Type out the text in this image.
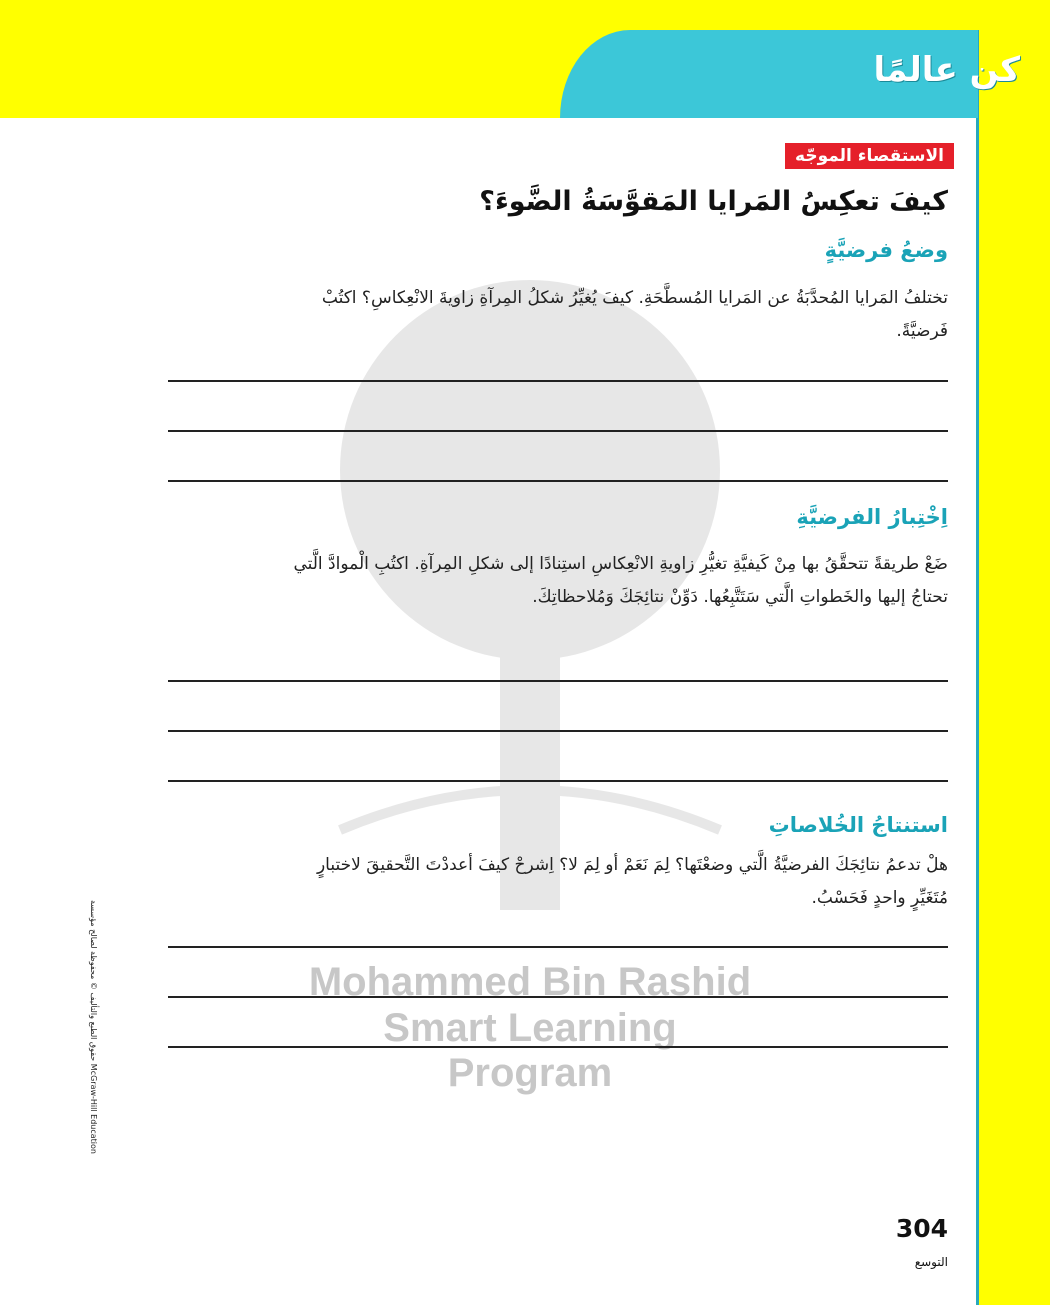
كن عالمًا
Mohammed Bin Rashid
Smart Learning Program
الاستقصاء الموجّه
كيفَ تعكِسُ المَرايا المَقوَّسَةُ الضَّوءَ؟
وضعُ فرضيَّةٍ
تختلفُ المَرايا المُحدَّبَةُ عن المَرايا المُسطَّحَةِ. كيفَ يُغيِّرُ شكلُ المِرآةِ زاويةَ الانْعِكاسِ؟ اكتُبْ فَرضيَّةً.
اِخْتِبارُ الفرضيَّةِ
ضَعْ طريقةً تتحقَّقُ بها مِنْ كَيفيَّةِ تغيُّرِ زاويةِ الانْعِكاسِ استِنادًا إلى شكلِ المِرآةِ. اكتُبِ الْموادَّ الَّتي تحتاجُ إليها والخَطواتِ الَّتي سَتَتَّبِعُها. دَوِّنْ نتائِجَكَ وَمُلاحظاتِكَ.
استنتاجُ الخُلاصاتِ
هلْ تدعمُ نتائِجَكَ الفرضيَّةُ الَّتي وضعْتَها؟ لِمَ نَعَمْ أو لِمَ لا؟ اِشرحْ كيفَ أعددْتَ التَّحقيقَ لاختبارٍ مُتَغَيِّرٍ واحدٍ فَحَسْبُ.
حقوق الطبع والتأليف © محفوظة لصالح مؤسسة McGraw-Hill Education
304
التوسع
